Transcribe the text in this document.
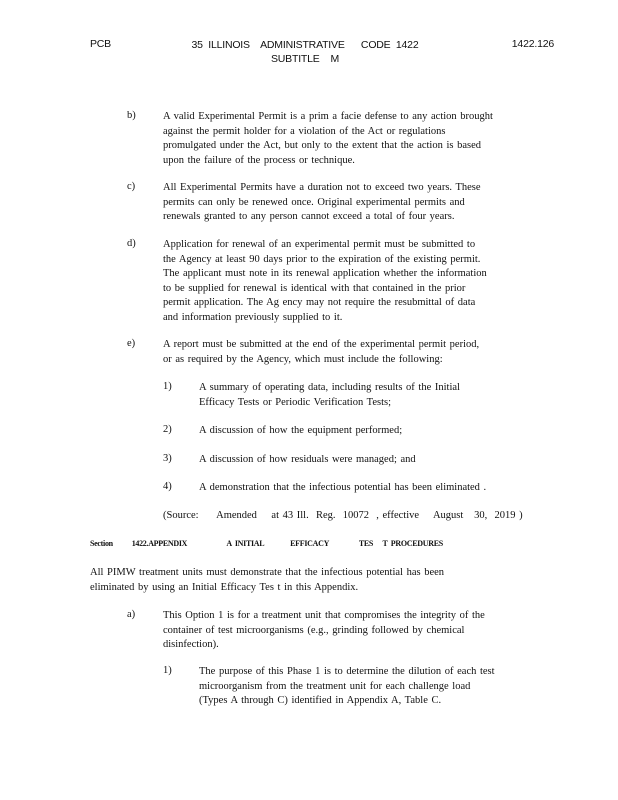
PCB	35  ILLINOIS    ADMINISTRATIVE      CODE  1422
SUBTITLE    M
1422.126
b)	A valid Experimental Permit is a prim a facie defense to any action brought
against the permit holder for a violation of the Act or regulations
promulgated under the Act, but only to the extent that the action is based
upon the failure of the process or technique.
c)	All Experimental Permits have a duration not to exceed two years. These
permits can only be renewed once. Original experimental permits and
renewals granted to any person cannot exceed a total of four years.
d)	Application for renewal of an experimental permit must be submitted to
the Agency at least 90 days prior to the expiration of the existing permit.
The applicant must note in its renewal application whether the information
to be supplied for renewal is identical with that contained in the prior
permit application. The Ag ency may not require the resubmittal of data
and information previously supplied to it.
e)	A report must be submitted at the end of the experimental permit period,
or as required by the Agency, which must include the following:
1)	A summary of operating data, including results of the Initial
Efficacy Tests or Periodic Verification Tests;
2)	A discussion of how the equipment performed;
3)	A discussion of how residuals were managed; and
4)	A demonstration that the infectious potential has been eliminated .
(Source:     Amended    at 43 Ill.  Reg.  10072  , effective    August   30,  2019 )
Section 1422.APPENDIX	A  INITIAL	EFFICACY	TES T  PROCEDURES
All PIMW treatment units must demonstrate that the infectious potential has been
eliminated by using an Initial Efficacy Tes t in this Appendix.
a)	This Option 1 is for a treatment unit that compromises the integrity of the
container of test microorganisms (e.g., grinding followed by chemical
disinfection).
1)	The purpose of this Phase 1 is to determine the dilution of each test
microorganism from the treatment unit for each challenge load
(Types A through C) identified in Appendix A, Table C.
